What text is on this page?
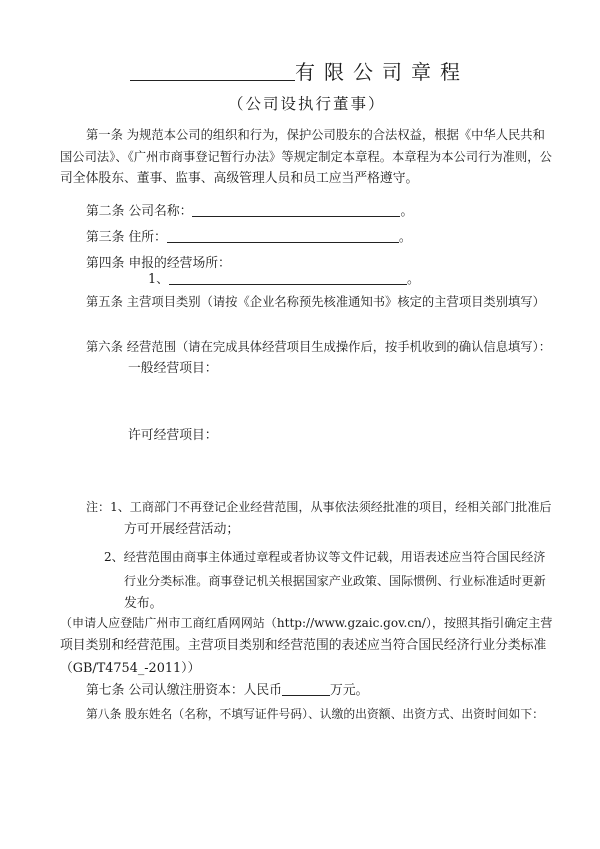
有限公司章程
（公司设执行董事）
第一条 为规范本公司的组织和行为，保护公司股东的合法权益，根据《中华人民共和
国公司法》、《广州市商事登记暂行办法》等规定制定本章程。本章程为本公司行为准则，公
司全体股东、董事、监事、高级管理人员和员工应当严格遵守。
第二条 公司名称：	。
第三条 住所：	。
第四条 申报的经营场所：
1、	。
第五条 主营项目类别（请按《企业名称预先核准通知书》核定的主营项目类别填写）
第六条 经营范围（请在完成具体经营项目生成操作后，按手机收到的确认信息填写）：
一般经营项目：
许可经营项目：
注：1、工商部门不再登记企业经营范围，从事依法须经批准的项目，经相关部门批准后
方可开展经营活动；
2、经营范围由商事主体通过章程或者协议等文件记载，用语表述应当符合国民经济
行业分类标准。商事登记机关根据国家产业政策、国际惯例、行业标准适时更新
发布。
（申请人应登陆广州市工商红盾网网站（http://www.gzaic.gov.cn/），按照其指引确定主营
项目类别和经营范围。主营项目类别和经营范围的表述应当符合国民经济行业分类标准
（GB/T4754_-2011））
第七条 公司认缴注册资本：人民币	万元。
第八条 股东姓名（名称，不填写证件号码）、认缴的出资额、出资方式、出资时间如下：
